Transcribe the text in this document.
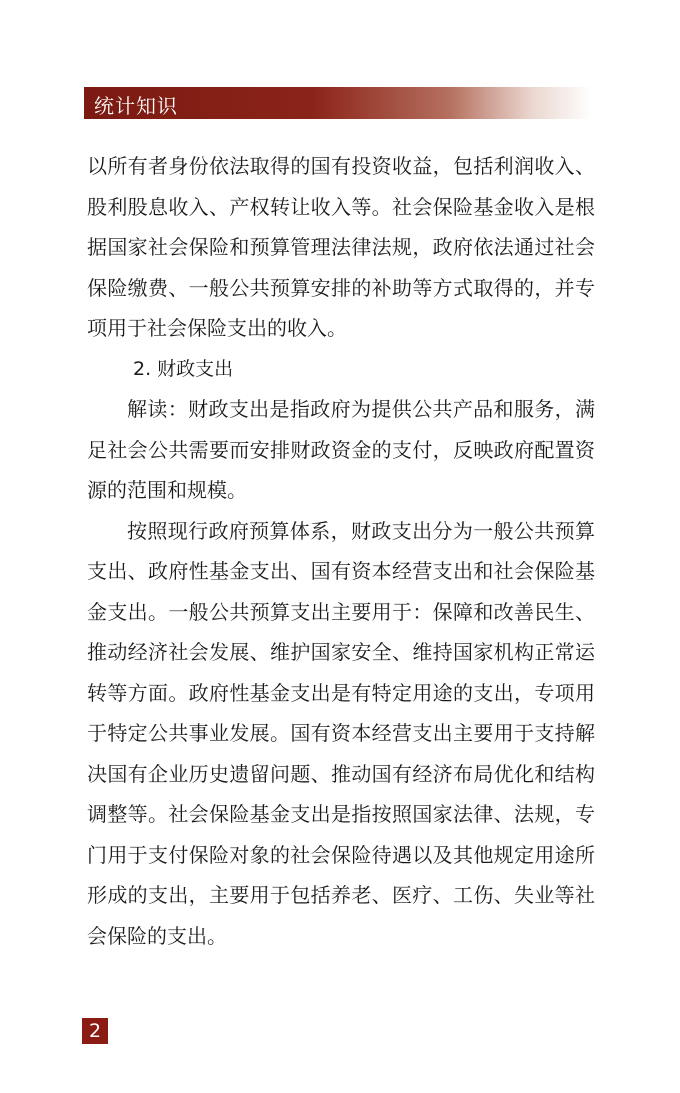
统计知识

以所有者身份依法取得的国有投资收益，包括利润收入、股利股息收入、产权转让收入等。社会保险基金收入是根据国家社会保险和预算管理法律法规，政府依法通过社会保险缴费、一般公共预算安排的补助等方式取得的，并专项用于社会保险支出的收入。

2. 财政支出

解读：财政支出是指政府为提供公共产品和服务，满足社会公共需要而安排财政资金的支付，反映政府配置资源的范围和规模。

按照现行政府预算体系，财政支出分为一般公共预算支出、政府性基金支出、国有资本经营支出和社会保险基金支出。一般公共预算支出主要用于：保障和改善民生、推动经济社会发展、维护国家安全、维持国家机构正常运转等方面。政府性基金支出是有特定用途的支出，专项用于特定公共事业发展。国有资本经营支出主要用于支持解决国有企业历史遗留问题、推动国有经济布局优化和结构调整等。社会保险基金支出是指按照国家法律、法规，专门用于支付保险对象的社会保险待遇以及其他规定用途所形成的支出，主要用于包括养老、医疗、工伤、失业等社会保险的支出。

2
